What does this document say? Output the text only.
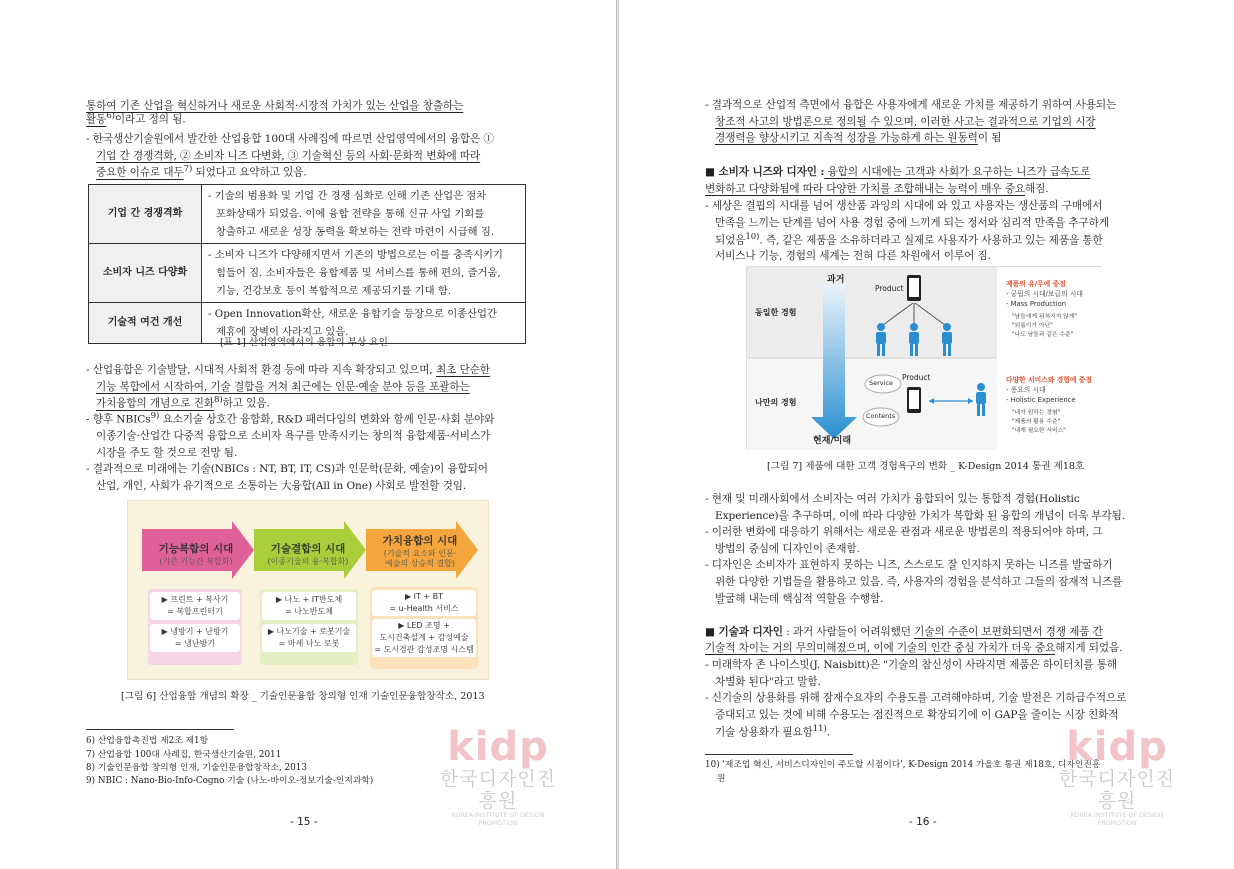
통하여 기존 산업을 혁신하거나 새로운 사회적·시장적 가치가 있는 산업을 창출하는
활동$^{6)}$이라고 정의 됨.
- 한국생산기술원에서 발간한 산업융합 100대 사례집에 따르면 산업영역에서의 융합은 ①
기업 간 경쟁격화, ② 소비자 니즈 다변화, ③ 기술혁신 등의 사회·문화적 변화에 따라
중요한 이슈로 대두$^{7)}$ 되었다고 요약하고 있음.
기업 간 경쟁격화	- 기술의 범용화 및 기업 간 경쟁 심화로 인해 기존 산업은 점차
포화상태가 되었음. 이에 융합 전략을 통해 신규 사업 기회를
창출하고 새로운 성장 동력을 확보하는 전략 마련이 시급해 짐.

소비자 니즈 다양화	- 소비자 니즈가 다양해지면서 기존의 방법으로는 이를 충족시키기
힘들어 짐. 소비자들은 융합제품 및 서비스를 통해 편의, 즐거움,
기능, 건강보호 등이 복합적으로 제공되기를 기대 함.

기술적 여건 개선	- Open Innovation확산, 새로운 융합기술 등장으로 이종산업간
제휴에 장벽이 사라지고 있음.
[표 1] 산업영역에서의 융합의 부상 요인
- 산업융합은 기술발달, 시대적 사회적 환경 등에 따라 지속 확장되고 있으며, 최초 단순한
기능 복합에서 시작하여, 기술 결합을 거쳐 최근에는 인문·예술 분야 등을 포괄하는
가치융합의 개념으로 진화$^{8)}$하고 있음.
- 향후 NBICs$^{9)}$ 요소기술 상호간 융합화, R&D 패러다임의 변화와 함께 인문·사회 분야와
이종기술·산업간 다중적 융합으로 소비자 욕구를 만족시키는 창의적 융합제품·서비스가
시장을 주도 할 것으로 전망 됨.
- 결과적으로 미래에는 기술(NBICs : NT, BT, IT, CS)과 인문학(문화, 예술)이 융합되어
산업, 개인, 사회가 유기적으로 소통하는 大융합(All in One) 사회로 발전할 것임.
기능복합의 시대
(기존 기능간 복합화)
▶ 프린트 + 복사기
= 복합프린터기
▶ 냉방기 + 난방기
= 냉난방기
기술결합의 시대
(이종기술의 융·복합화)
▶ 나노 + IT반도체
= 나노반도체
▶ 나노기술 + 로봇기술
= 마세 나노 로봇
가치융합의 시대
(기술적 요소와 인문·
예술의 상승적 결합)
▶ IT + BT
= u-Health 서비스
▶ LED 조명 +
도시건축설계 + 감성예술
= 도시경관 감성조명 시스템
[그림 6] 산업융합 개념의 확장 _ 기술인문융합 창의형 인재 기술인문융합창작소, 2013
6) 산업융합촉진법 제2조 제1항
7) 산업융합 100대 사례집, 한국생산기술원, 2011
8) 기술인문융합 창의형 인재, 기술인문융합창작소, 2013
9) NBIC : Nano-Bio-Info-Cogno 기술 (나노-바이오-정보기술-인지과학)
kidp
한국디자인진흥원
KOREA INSTITUTE OF DESIGN PROMOTION
- 15 -
- 결과적으로 산업적 측면에서 융합은 사용자에게 새로운 가치를 제공하기 위하여 사용되는
창조적 사고의 방법론으로 정의될 수 있으며, 이러한 사고는 결과적으로 기업의 시장
경쟁력을 향상시키고 지속적 성장을 가능하게 하는 원동력이 됨
■ 소비자 니즈와 디자인 : 융합의 시대에는 고객과 사회가 요구하는 니즈가 급속도로
변화하고 다양화됨에 따라 다양한 가치를 조합해내는 능력이 매우 중요해짐.
- 세상은 결핍의 시대를 넘어 생산품 과잉의 시대에 와 있고 사용자는 생산품의 구매에서
만족을 느끼는 단계를 넘어 사용 경험 중에 느끼게 되는 정서와 심리적 만족을 추구하게
되었음$^{10)}$. 즉, 같은 제품을 소유하더라고 실제로 사용자가 사용하고 있는 제품을 통한
서비스나 기능, 경험의 세계는 전혀 다른 차원에서 이루어 짐.
과거
현재/미래
동일한 경험
나만의 경험
Product
Product
Service
Contents
제품의 유/무에 중점
- 궁핍의 시대/보급의 시대
- Mass Production
"남들에게 뒤쳐지지 않게"
"외롭이가 아닌"
"나도 남들과 같은 수준"
다양한 서비스와 경험에 중점
- 풍요의 시대
- Holistic Experience
"내가 원하는 경험"
"제품의 활용 수준"
"내게 필요한 서비스"
[그림 7] 제품에 대한 고객 경험욕구의 변화 _ K-Design 2014 통권 제18호
- 현재 및 미래사회에서 소비자는 여러 가치가 융합되어 있는 통합적 경험(Holistic
Experience)을 추구하며, 이에 따라 다양한 가치가 복합화 된 융합의 개념이 더욱 부각됨.
- 이러한 변화에 대응하기 위해서는 새로운 관점과 새로운 방법론의 적용되어야 하며, 그
방법의 중심에 디자인이 존재함.
- 디자인은 소비자가 표현하지 못하는 니즈, 스스로도 잘 인지하지 못하는 니즈를 발굴하기
위한 다양한 기법들을 활용하고 있음. 즉, 사용자의 경험을 분석하고 그들의 잠재적 니즈를
발굴해 내는데 핵심적 역할을 수행함.
■ 기술과 디자인 : 과거 사람들이 어려워했던 기술의 수준이 보편화되면서 경쟁 제품 간
기술적 차이는 거의 무의미해졌으며, 이에 기술의 인간 중심 가치가 더욱 중요해지게 되었음.
- 미래학자 존 나이스빗(J. Naisbitt)은 "기술의 참신성이 사라지면 제품은 하이터치를 통해
차별화 된다"라고 말함.
- 신기술의 상용화를 위해 잠재수요자의 수용도를 고려해야하며, 기술 발전은 기하급수적으로
증대되고 있는 것에 비해 수용도는 점진적으로 확장되기에 이 GAP을 줄이는 시장 친화적
기술 상용화가 필요함$^{11)}$.
10) '제조업 혁신, 서비스디자인이 주도할 시점이다', K-Design 2014 가을호 통권 제18호, 디자인진흥
원
kidp
한국디자인진흥원
KOREA INSTITUTE OF DESIGN PROMOTION
- 16 -
